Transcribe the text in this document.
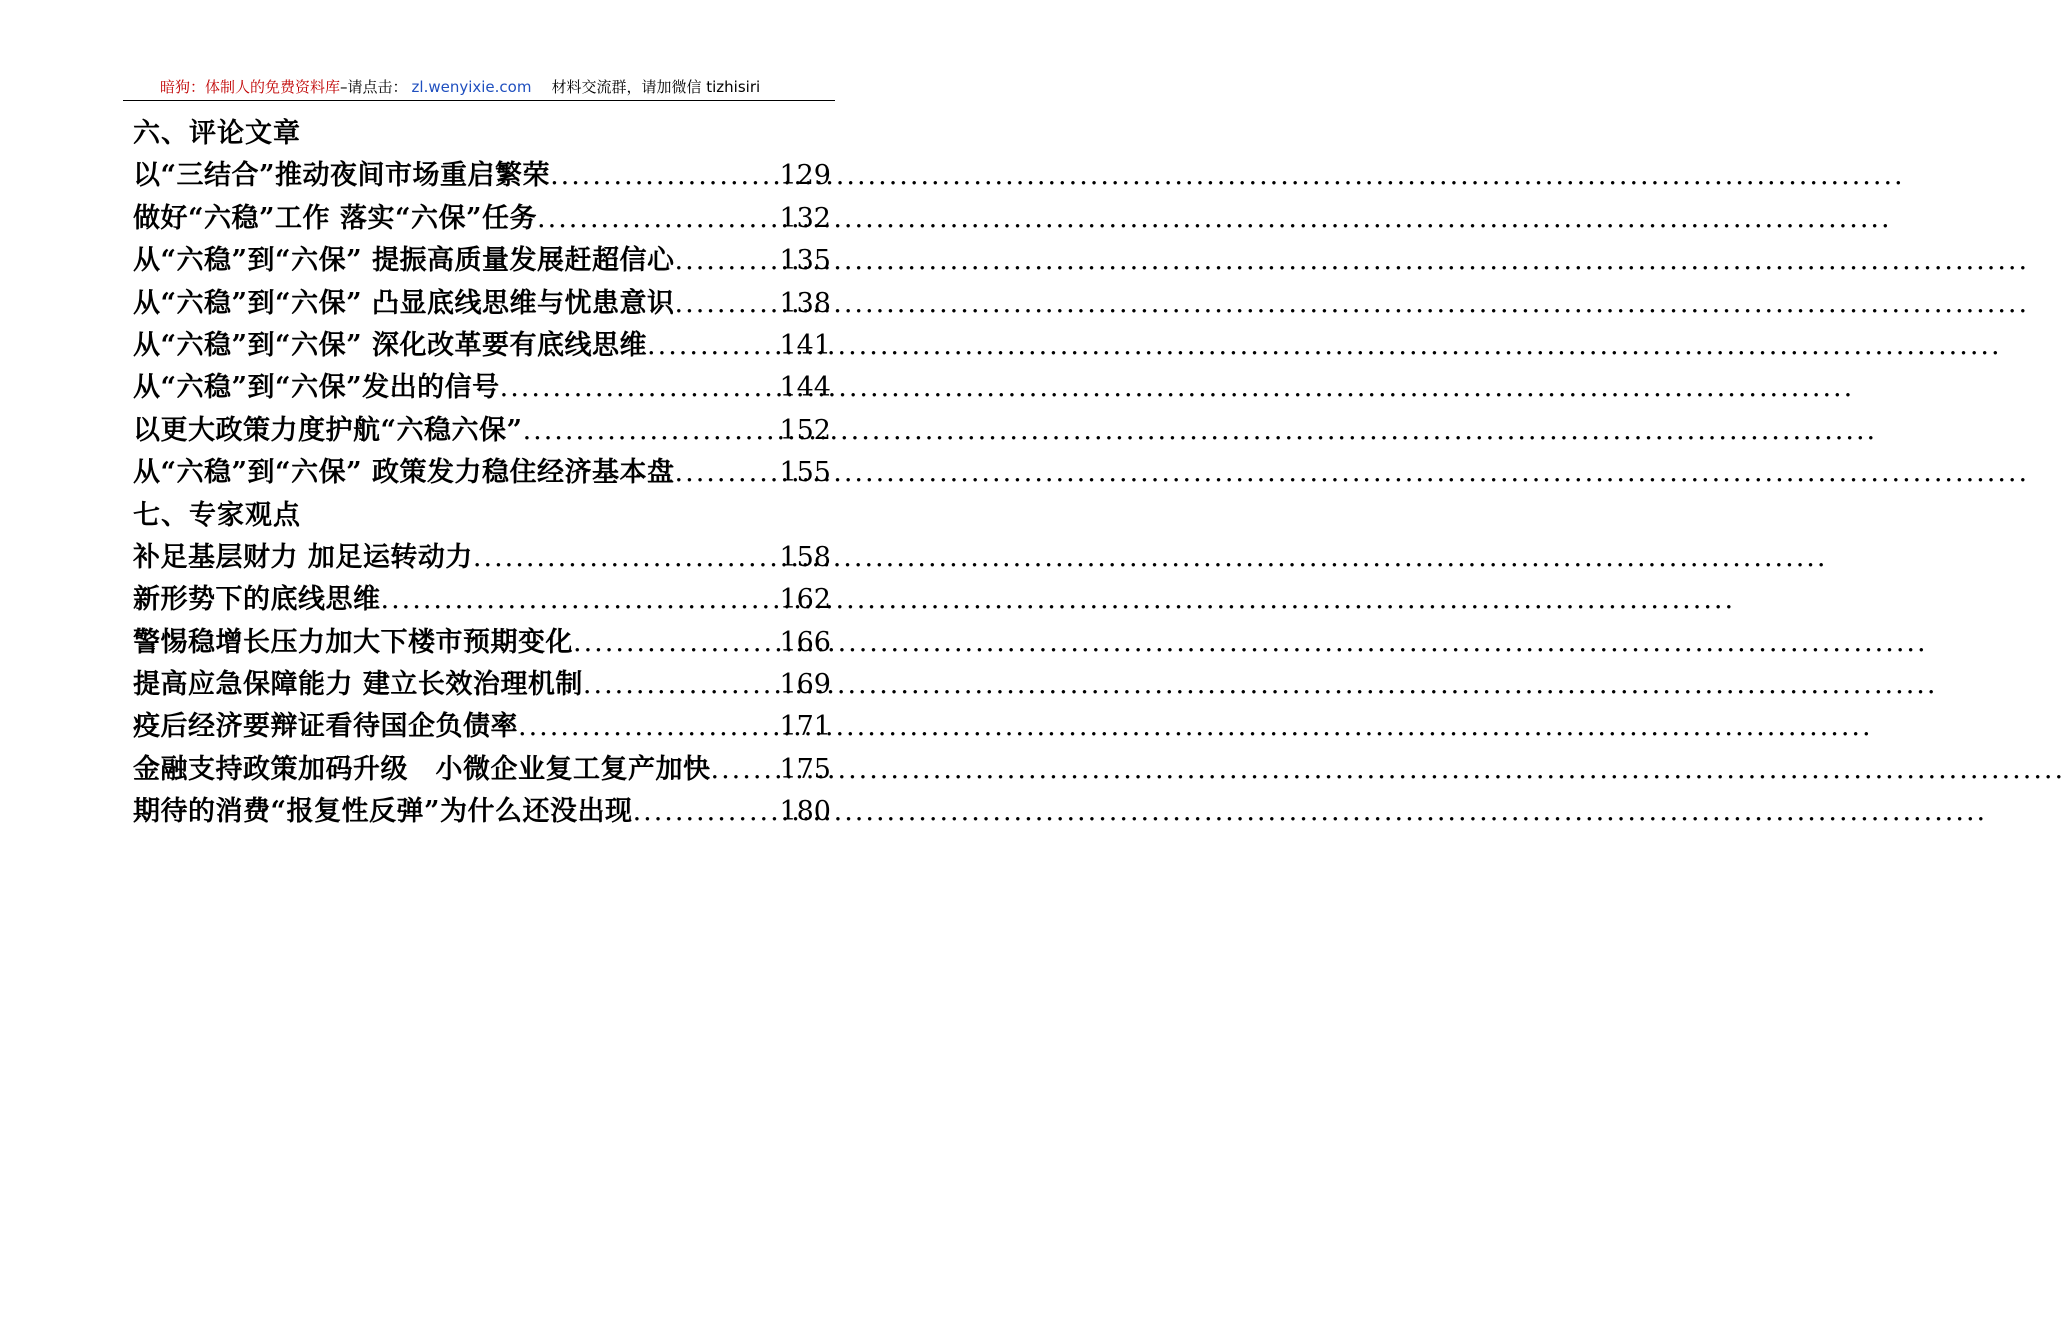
暗狗：体制人的免费资料库–请点击： zl.wenyixie.com 材料交流群，请加微信 tizhisiri
六、评论文章
以“三结合”推动夜间市场重启繁荣 .....	129
做好“六稳”工作 落实“六保”任务 .....	132
从“六稳”到“六保” 提振高质量发展赶超信心 .....	135
从“六稳”到“六保” 凸显底线思维与忧患意识 .....	138
从“六稳”到“六保” 深化改革要有底线思维 .....	141
从“六稳”到“六保”发出的信号 .....	144
以更大政策力度护航“六稳六保” .....	152
从“六稳”到“六保” 政策发力稳住经济基本盘 .....	155
七、专家观点
补足基层财力 加足运转动力 .....	158
新形势下的底线思维 .....	162
警惕稳增长压力加大下楼市预期变化 .....	166
提高应急保障能力 建立长效治理机制 .....	169
疫后经济要辩证看待国企负债率 .....	171
金融支持政策加码升级　小微企业复工复产加快 .....	175
期待的消费“报复性反弹”为什么还没出现 .....	180
